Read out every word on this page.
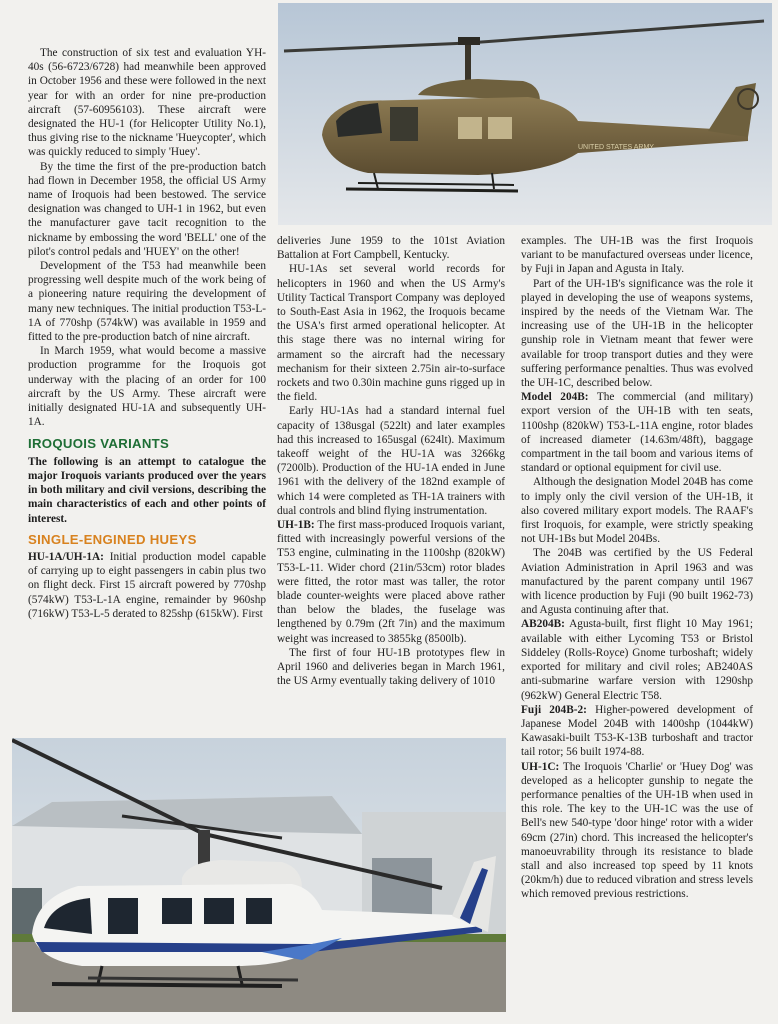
UNITED STATES ARMY

The construction of six test and evaluation YH-40s (56-6723/6728) had meanwhile been approved in October 1956 and these were followed in the next year for with an order for nine pre-production aircraft (57-60956103). These aircraft were designated the HU-1 (for Helicopter Utility No.1), thus giving rise to the nickname 'Hueycopter', which was quickly reduced to simply 'Huey'.

By the time the first of the pre-production batch had flown in December 1958, the official US Army name of Iroquois had been bestowed. The service designation was changed to UH-1 in 1962, but even the manufacturer gave tacit recognition to the nickname by embossing the word 'BELL' one of the pilot's control pedals and 'HUEY' on the other!

Development of the T53 had meanwhile been progressing well despite much of the work being of a pioneering nature requiring the development of many new techniques. The initial production T53-L-1A of 770shp (574kW) was available in 1959 and fitted to the pre-production batch of nine aircraft.

In March 1959, what would become a massive production programme for the Iroquois got underway with the placing of an order for 100 aircraft by the US Army. These aircraft were initially designated HU-1A and subsequently UH-1A.

IROQUOIS VARIANTS

The following is an attempt to catalogue the major Iroquois variants produced over the years in both military and civil versions, describing the main characteristics of each and other points of interest.

SINGLE-ENGINED HUEYS

HU-1A/UH-1A: Initial production model capable of carrying up to eight passengers in cabin plus two on flight deck. First 15 aircraft powered by 770shp (574kW) T53-L-1A engine, remainder by 960shp (716kW) T53-L-5 derated to 825shp (615kW). First

deliveries June 1959 to the 101st Aviation Battalion at Fort Campbell, Kentucky.

HU-1As set several world records for helicopters in 1960 and when the US Army's Utility Tactical Transport Company was deployed to South-East Asia in 1962, the Iroquois became the USA's first armed operational helicopter. At this stage there was no internal wiring for armament so the aircraft had the necessary mechanism for their sixteen 2.75in air-to-surface rockets and two 0.30in machine guns rigged up in the field.

Early HU-1As had a standard internal fuel capacity of 138usgal (522lt) and later examples had this increased to 165usgal (624lt). Maximum takeoff weight of the HU-1A was 3266kg (7200lb). Production of the HU-1A ended in June 1961 with the delivery of the 182nd example of which 14 were completed as TH-1A trainers with dual controls and blind flying instrumentation.

UH-1B: The first mass-produced Iroquois variant, fitted with increasingly powerful versions of the T53 engine, culminating in the 1100shp (820kW) T53-L-11. Wider chord (21in/53cm) rotor blades were fitted, the rotor mast was taller, the rotor blade counter-weights were placed above rather than below the blades, the fuselage was lengthened by 0.79m (2ft 7in) and the maximum weight was increased to 3855kg (8500lb).

The first of four HU-1B prototypes flew in April 1960 and deliveries began in March 1961, the US Army eventually taking delivery of 1010

examples. The UH-1B was the first Iroquois variant to be manufactured overseas under licence, by Fuji in Japan and Agusta in Italy.

Part of the UH-1B's significance was the role it played in developing the use of weapons systems, inspired by the needs of the Vietnam War. The increasing use of the UH-1B in the helicopter gunship role in Vietnam meant that fewer were available for troop transport duties and they were suffering performance penalties. Thus was evolved the UH-1C, described below.

Model 204B: The commercial (and military) export version of the UH-1B with ten seats, 1100shp (820kW) T53-L-11A engine, rotor blades of increased diameter (14.63m/48ft), baggage compartment in the tail boom and various items of standard or optional equipment for civil use.

Although the designation Model 204B has come to imply only the civil version of the UH-1B, it also covered military export models. The RAAF's first Iroquois, for example, were strictly speaking not UH-1Bs but Model 204Bs.

The 204B was certified by the US Federal Aviation Administration in April 1963 and was manufactured by the parent company until 1967 with licence production by Fuji (90 built 1962-73) and Agusta continuing after that.

AB204B: Agusta-built, first flight 10 May 1961; available with either Lycoming T53 or Bristol Siddeley (Rolls-Royce) Gnome turboshaft; widely exported for military and civil roles; AB240AS anti-submarine warfare version with 1290shp (962kW) General Electric T58.

Fuji 204B-2: Higher-powered development of Japanese Model 204B with 1400shp (1044kW) Kawasaki-built T53-K-13B turboshaft and tractor tail rotor; 56 built 1974-88.

UH-1C: The Iroquois 'Charlie' or 'Huey Dog' was developed as a helicopter gunship to negate the performance penalties of the UH-1B when used in this role. The key to the UH-1C was the use of Bell's new 540-type 'door hinge' rotor with a wider 69cm (27in) chord. This increased the helicopter's manoeuvrability through its resistance to blade stall and also increased top speed by 11 knots (20km/h) due to reduced vibration and stress levels which removed previous restrictions.
